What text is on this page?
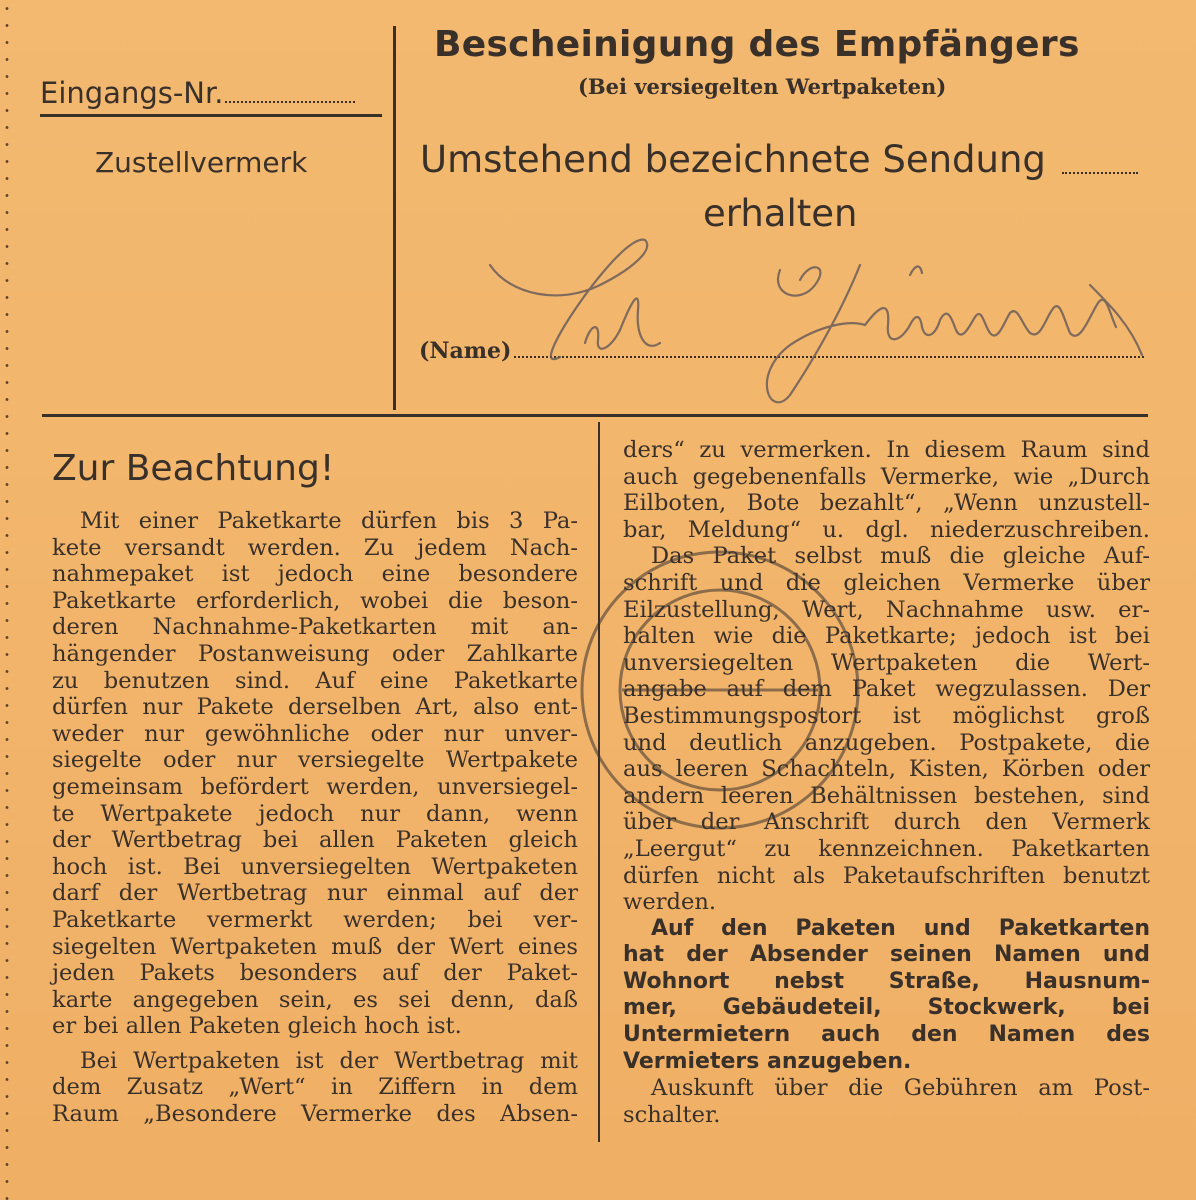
Eingangs-Nr.
Zustellvermerk
Bescheinigung des Empfängers
(Bei versiegelten Wertpaketen)
Umstehend bezeichnete Sendung
erhalten
(Name)
Zur Beachtung!
Mit einer Paketkarte dürfen bis 3 Pa-
kete versandt werden. Zu jedem Nach-
nahmepaket ist jedoch eine besondere
Paketkarte erforderlich, wobei die beson-
deren Nachnahme-Paketkarten mit an-
hängender Postanweisung oder Zahlkarte
zu benutzen sind. Auf eine Paketkarte
dürfen nur Pakete derselben Art, also ent-
weder nur gewöhnliche oder nur unver-
siegelte oder nur versiegelte Wertpakete
gemeinsam befördert werden, unversiegel-
te Wertpakete jedoch nur dann, wenn
der Wertbetrag bei allen Paketen gleich
hoch ist. Bei unversiegelten Wertpaketen
darf der Wertbetrag nur einmal auf der
Paketkarte vermerkt werden; bei ver-
siegelten Wertpaketen muß der Wert eines
jeden Pakets besonders auf der Paket-
karte angegeben sein, es sei denn, daß
er bei allen Paketen gleich hoch ist.
Bei Wertpaketen ist der Wertbetrag mit
dem Zusatz „Wert“ in Ziffern in dem
Raum „Besondere Vermerke des Absen-
ders“ zu vermerken. In diesem Raum sind
auch gegebenenfalls Vermerke, wie „Durch
Eilboten, Bote bezahlt“, „Wenn unzustell-
bar, Meldung“ u. dgl. niederzuschreiben.
Das Paket selbst muß die gleiche Auf-
schrift und die gleichen Vermerke über
Eilzustellung, Wert, Nachnahme usw. er-
halten wie die Paketkarte; jedoch ist bei
unversiegelten Wertpaketen die Wert-
angabe auf dem Paket wegzulassen. Der
Bestimmungspostort ist möglichst groß
und deutlich anzugeben. Postpakete, die
aus leeren Schachteln, Kisten, Körben oder
andern leeren Behältnissen bestehen, sind
über der Anschrift durch den Vermerk
„Leergut“ zu kennzeichnen. Paketkarten
dürfen nicht als Paketaufschriften benutzt
werden.
Auf den Paketen und Paketkarten
hat der Absender seinen Namen und
Wohnort nebst Straße, Hausnum-
mer, Gebäudeteil, Stockwerk, bei
Untermietern auch den Namen des
Vermieters anzugeben.
Auskunft über die Gebühren am Post-
schalter.
